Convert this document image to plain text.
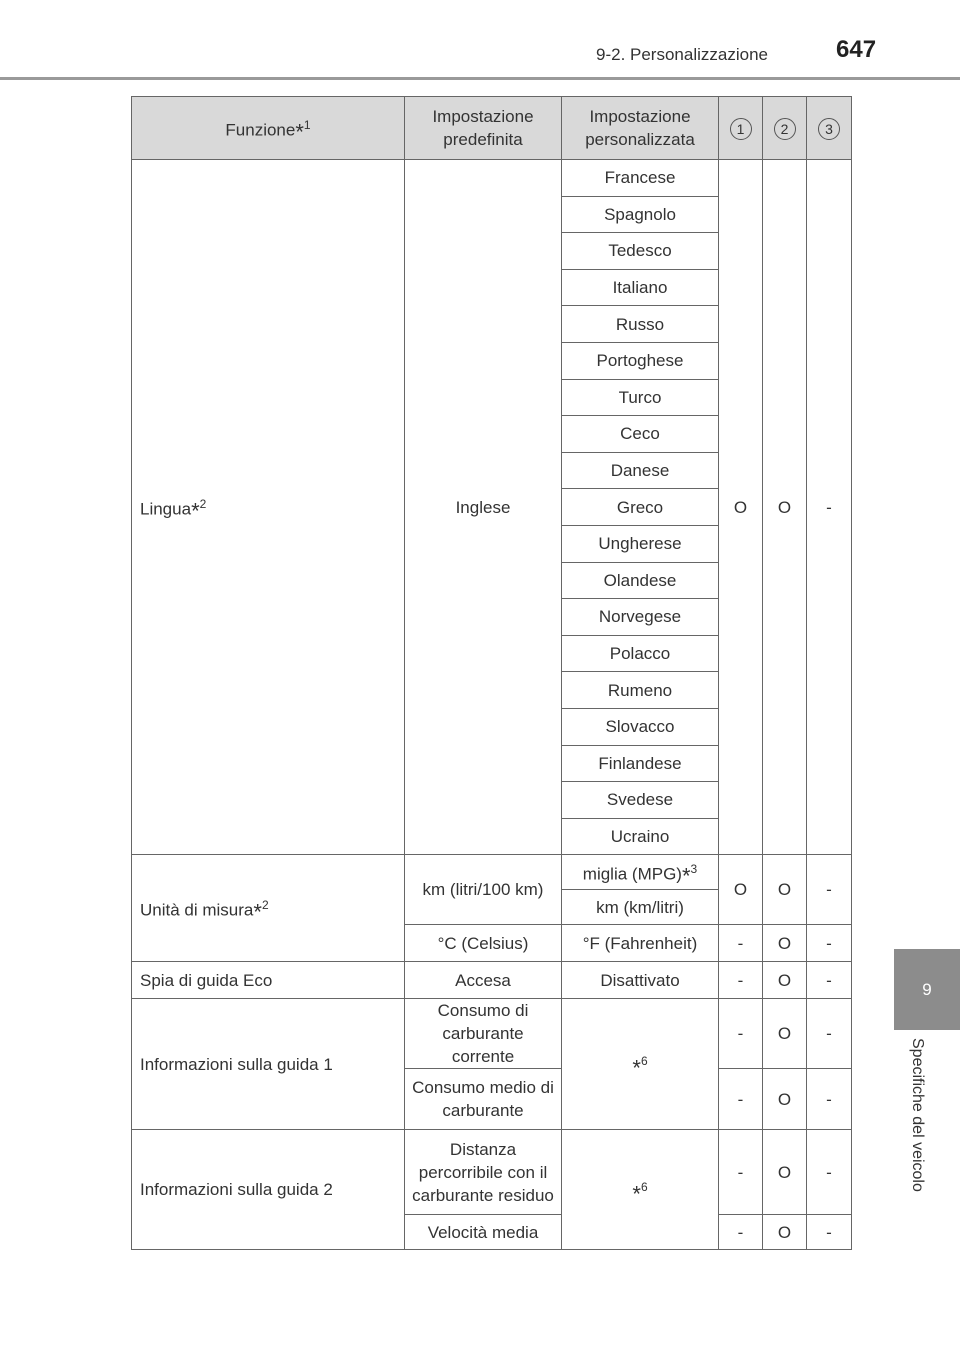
9-2. Personalizzazione	647
9
Specifiche del veicolo
Funzione*$^1$	Impostazione predefinita	Impostazione personalizzata	1	2	3
Lingua*$^2$	Inglese	Francese	O	O	-
		Spagnolo			
		Tedesco			
		Italiano			
		Russo			
		Portoghese			
		Turco			
		Ceco			
		Danese			
		Greco			
		Ungherese			
		Olandese			
		Norvegese			
		Polacco			
		Rumeno			
		Slovacco			
		Finlandese			
		Svedese			
		Ucraino			
Unità di misura*$^2$	km (litri/100 km)	miglia (MPG)*$^3$	O	O	-
		km (km/litri)			
	°C (Celsius)	°F (Fahrenheit)	-	O	-
Spia di guida Eco	Accesa	Disattivato	-	O	-
Informazioni sulla guida 1	Consumo di carburante corrente	*$^6$	-	O	-
	Consumo medio di carburante		-	O	-
Informazioni sulla guida 2	Distanza percorribile con il carburante residuo	*$^6$	-	O	-
	Velocità media		-	O	-
